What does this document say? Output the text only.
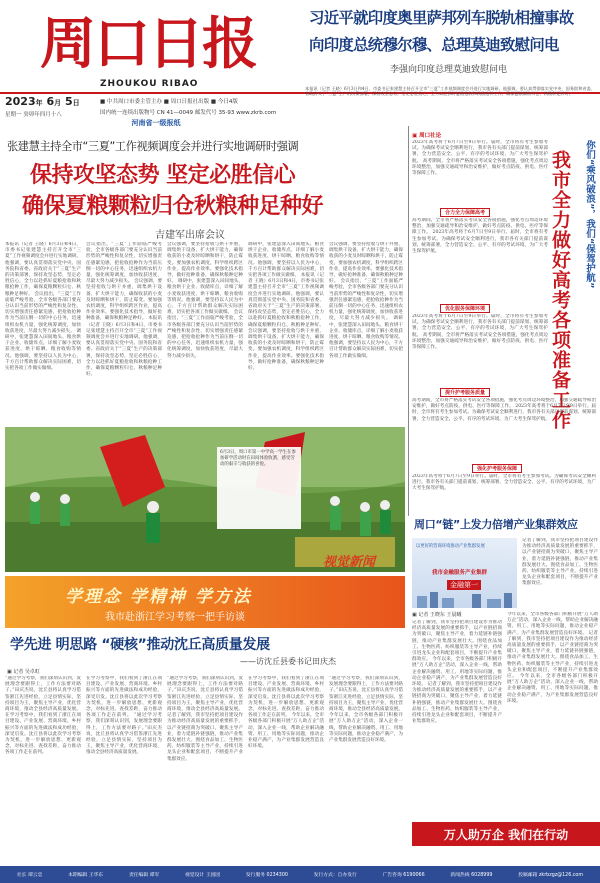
周口日报
ZHOUKOU RIBAO
习近平就印度奥里萨邦列车脱轨相撞事故
向印度总统穆尔穆、总理莫迪致慰问电
李强向印度总理莫迪致慰问电
2023年 6月 5日
星期一 癸卯年四月十八
■ 中共周口市委主管主办 ■ 周口日报社出版 ■ 今日4版
国内统一连续出版物号 CN 41—0049 邮发代号 35-93 www.zkrb.com
河南省一级报纸
本报讯（记者 王晓）6月3日和4日，市委书记张建慧主持召开全市“三夏”工作视频调度会并进行实地调研。他强调，要认真贯彻落实党中央、国务院和省委、省政府关于“三夏”生产的决策部署，保持攻坚态势，坚定必胜信心，全力以赴抓好夏粮抢收和秋粮抢种工作，确保夏粮颗粒归仓、秋粮种足种好。
张建慧主持全市“三夏”工作视频调度会并进行实地调研时强调
保持攻坚态势 坚定必胜信心
确保夏粮颗粒归仓秋粮种足种好
吉建军出席会议
本报讯（记者 王晓）6月3日和4日，市委书记张建慧主持召开全市“三夏”工作视频调度会并进行实地调研。他强调，要认真贯彻落实党中央、国务院和省委、省政府关于“三夏”生产的决策部署，保持攻坚态势，坚定必胜信心，全力以赴抓好夏粮抢收和秋粮抢种工作，确保夏粮颗粒归仓、秋粮种足种好。 会议指出，“三夏”工作面临严峻考验，全市各级各部门要充分认识当前形势的严峻性和复杂性，切实增强责任感紧迫感，把抢收抢种作为当前压倒一切的中心任务，迅速组织农机力量，强化统筹调度，加快收获进度，尽最大努力减少损失。 调研中，张建慧深入田间地头、粮食烘干企业、收储库点，详细了解小麦收获进度、烘干晾晒、粮食收购等情况。他强调，要坚持以人民为中心，千方百计帮助群众解决实际困难，切实把各项工作做实做细。
会议指出，“三夏”工作面临严峻考验，全市各级各部门要充分认识当前形势的严峻性和复杂性，切实增强责任感紧迫感，把抢收抢种作为当前压倒一切的中心任务，迅速组织农机力量，强化统筹调度，加快收获进度，尽最大努力减少损失。 会议强调，要坚持抢收与烘干并重，调集烘干设备，扩大烘干能力，确保收获的小麦及时晾晒和烘干，防止霉变。要加强农机调度，科学组织跨区作业，提高作业效率。要强化技术指导，做好抢种准备，确保秋粮种足种好。 本报讯（记者 王晓）6月3日和4日，市委书记张建慧主持召开全市“三夏”工作视频调度会并进行实地调研。他强调，要认真贯彻落实党中央、国务院和省委、省政府关于“三夏”生产的决策部署，保持攻坚态势，坚定必胜信心，全力以赴抓好夏粮抢收和秋粮抢种工作，确保夏粮颗粒归仓、秋粮种足种好。
会议强调，要坚持抢收与烘干并重，调集烘干设备，扩大烘干能力，确保收获的小麦及时晾晒和烘干，防止霉变。要加强农机调度，科学组织跨区作业，提高作业效率。要强化技术指导，做好抢种准备，确保秋粮种足种好。 调研中，张建慧深入田间地头、粮食烘干企业、收储库点，详细了解小麦收获进度、烘干晾晒、粮食收购等情况。他强调，要坚持以人民为中心，千方百计帮助群众解决实际困难，切实把各项工作做实做细。 会议指出，“三夏”工作面临严峻考验，全市各级各部门要充分认识当前形势的严峻性和复杂性，切实增强责任感紧迫感，把抢收抢种作为当前压倒一切的中心任务，迅速组织农机力量，强化统筹调度，加快收获进度，尽最大努力减少损失。
调研中，张建慧深入田间地头、粮食烘干企业、收储库点，详细了解小麦收获进度、烘干晾晒、粮食收购等情况。他强调，要坚持以人民为中心，千方百计帮助群众解决实际困难，切实把各项工作做实做细。 本报讯（记者 王晓）6月3日和4日，市委书记张建慧主持召开全市“三夏”工作视频调度会并进行实地调研。他强调，要认真贯彻落实党中央、国务院和省委、省政府关于“三夏”生产的决策部署，保持攻坚态势，坚定必胜信心，全力以赴抓好夏粮抢收和秋粮抢种工作，确保夏粮颗粒归仓、秋粮种足种好。 会议强调，要坚持抢收与烘干并重，调集烘干设备，扩大烘干能力，确保收获的小麦及时晾晒和烘干，防止霉变。要加强农机调度，科学组织跨区作业，提高作业效率。要强化技术指导，做好抢种准备，确保秋粮种足种好。
会议强调，要坚持抢收与烘干并重，调集烘干设备，扩大烘干能力，确保收获的小麦及时晾晒和烘干，防止霉变。要加强农机调度，科学组织跨区作业，提高作业效率。要强化技术指导，做好抢种准备，确保秋粮种足种好。 会议指出，“三夏”工作面临严峻考验，全市各级各部门要充分认识当前形势的严峻性和复杂性，切实增强责任感紧迫感，把抢收抢种作为当前压倒一切的中心任务，迅速组织农机力量，强化统筹调度，加快收获进度，尽最大努力减少损失。 调研中，张建慧深入田间地头、粮食烘干企业、收储库点，详细了解小麦收获进度、烘干晾晒、粮食收购等情况。他强调，要坚持以人民为中心，千方百计帮助群众解决实际困难，切实把各项工作做实做细。
6月3日，周口市第一中学高一学生在参加研学活动时在田间体验收割，感受劳动的艰辛与收获的喜悦。
视觉新闻
学理念 学精神 学方法
我市赴浙江学习考察一把手访谈
学先进 明思路 “硬核”推动沈丘高质量发展
——访沈丘县委书记田庆杰
▣ 记者 吴卓虹
“通过学习考察，我们深刻认识到，发展理念要跟得上，工作方法要对路子。”田庆杰说，沈丘县将认真学习借鉴浙江先进经验，立足县情实际，坚持项目为王，聚焦主导产业，优化营商环境，推动全县经济高质量发展。 在学习考察中，我们看到了浙江在项目建设、产业发展、营商环境、乡村振兴等方面的先进做法和成功经验，深受启发。沈丘县将以此次学习考察为契机，进一步解放思想、更新观念，对标先进、查找差距，奋力推动各项工作走在前列。
在学习考察中，我们看到了浙江在项目建设、产业发展、营商环境、乡村振兴等方面的先进做法和成功经验，深受启发。沈丘县将以此次学习考察为契机，进一步解放思想、更新观念，对标先进、查找差距，奋力推动各项工作走在前列。 “通过学习考察，我们深刻认识到，发展理念要跟得上，工作方法要对路子。”田庆杰说，沈丘县将认真学习借鉴浙江先进经验，立足县情实际，坚持项目为王，聚焦主导产业，优化营商环境，推动全县经济高质量发展。
“通过学习考察，我们深刻认识到，发展理念要跟得上，工作方法要对路子。”田庆杰说，沈丘县将认真学习借鉴浙江先进经验，立足县情实际，坚持项目为王，聚焦主导产业，优化营商环境，推动全县经济高质量发展。 记者了解到，我市坚持把项目建设作为推动经济高质量发展的重要抓手，以产业链招商为突破口，聚焦主导产业，着力延链补链强链，推动产业集群发展壮大。围绕食品加工、生物医药、纺织服装等主导产业，持续引进龙头企业和配套项目，不断提升产业集群效应。
在学习考察中，我们看到了浙江在项目建设、产业发展、营商环境、乡村振兴等方面的先进做法和成功经验，深受启发。沈丘县将以此次学习考察为契机，进一步解放思想、更新观念，对标先进、查找差距，奋力推动各项工作走在前列。 今年以来，全市各级各部门积极开展“万人助万企”活动，深入企业一线，帮助企业解决融资、用工、用地等实际问题，推动企业稳产满产，为产业集群发展营造良好环境。
“通过学习考察，我们深刻认识到，发展理念要跟得上，工作方法要对路子。”田庆杰说，沈丘县将认真学习借鉴浙江先进经验，立足县情实际，坚持项目为王，聚焦主导产业，优化营商环境，推动全县经济高质量发展。 今年以来，全市各级各部门积极开展“万人助万企”活动，深入企业一线，帮助企业解决融资、用工、用地等实际问题，推动企业稳产满产，为产业集群发展营造良好环境。
▣ 周口社论
2023年高考将于6月7日至9日举行。届时，全市将有考生参加考试。为确保考试安全顺利进行，我市各有关部门提前谋划、统筹部署，全力营造安全、公平、有序的考试环境，为广大考生保驾护航。 高考期间，全市将严格落实考试安全各项措施，强化考点周边环境整治，加强交通疏导和治安维护，做好考点防疫、供电、医疗等保障工作。	我市全力做好高考各项准备工作	你们“乘风破浪”，我们“保驾护航”
合力全力保障高考
高考期间，全市将严格落实考试安全各项措施，强化考点周边环境整治，加强交通疏导和治安维护，做好考点防疫、供电、医疗等保障工作。 2023年高考将于6月7日至9日举行。届时，全市将有考生参加考试。为确保考试安全顺利进行，我市各有关部门提前谋划、统筹部署，全力营造安全、公平、有序的考试环境，为广大考生保驾护航。
优化服务保障环境
2023年高考将于6月7日至9日举行。届时，全市将有考生参加考试。为确保考试安全顺利进行，我市各有关部门提前谋划、统筹部署，全力营造安全、公平、有序的考试环境，为广大考生保驾护航。 高考期间，全市将严格落实考试安全各项措施，强化考点周边环境整治，加强交通疏导和治安维护，做好考点防疫、供电、医疗等保障工作。
提升护考服务质量
高考期间，全市将严格落实考试安全各项措施，强化考点周边环境整治，加强交通疏导和治安维护，做好考点防疫、供电、医疗等保障工作。 2023年高考将于6月7日至9日举行。届时，全市将有考生参加考试。为确保考试安全顺利进行，我市各有关部门提前谋划、统筹部署，全力营造安全、公平、有序的考试环境，为广大考生保驾护航。
强化护考服务保障
2023年高考将于6月7日至9日举行。届时，全市将有考生参加考试。为确保考试安全顺利进行，我市各有关部门提前谋划、统筹部署，全力营造安全、公平、有序的考试环境，为广大考生保驾护航。
周口“链”上发力倍增产业集群效应
以更好的营商环境推动产业集群发展
我市金融服务产业集群
金融第一
记者了解到，我市坚持把项目建设作为推动经济高质量发展的重要抓手，以产业链招商为突破口，聚焦主导产业，着力延链补链强链，推动产业集群发展壮大。围绕食品加工、生物医药、纺织服装等主导产业，持续引进龙头企业和配套项目，不断提升产业集群效应。
▣ 记者 王晓东 王晨曦
记者了解到，我市坚持把项目建设作为推动经济高质量发展的重要抓手，以产业链招商为突破口，聚焦主导产业，着力延链补链强链，推动产业集群发展壮大。围绕食品加工、生物医药、纺织服装等主导产业，持续引进龙头企业和配套项目，不断提升产业集群效应。 今年以来，全市各级各部门积极开展“万人助万企”活动，深入企业一线，帮助企业解决融资、用工、用地等实际问题，推动企业稳产满产，为产业集群发展营造良好环境。 记者了解到，我市坚持把项目建设作为推动经济高质量发展的重要抓手，以产业链招商为突破口，聚焦主导产业，着力延链补链强链，推动产业集群发展壮大。围绕食品加工、生物医药、纺织服装等主导产业，持续引进龙头企业和配套项目，不断提升产业集群效应。
今年以来，全市各级各部门积极开展“万人助万企”活动，深入企业一线，帮助企业解决融资、用工、用地等实际问题，推动企业稳产满产，为产业集群发展营造良好环境。 记者了解到，我市坚持把项目建设作为推动经济高质量发展的重要抓手，以产业链招商为突破口，聚焦主导产业，着力延链补链强链，推动产业集群发展壮大。围绕食品加工、生物医药、纺织服装等主导产业，持续引进龙头企业和配套项目，不断提升产业集群效应。 今年以来，全市各级各部门积极开展“万人助万企”活动，深入企业一线，帮助企业解决融资、用工、用地等实际问题，推动企业稳产满产，为产业集群发展营造良好环境。
万人助万企 我们在行动
社长 谭云忠	本期编辑 王华东	责任编辑 谭军	视觉设计 王园园	发行服务 0234300	发行方式：自办发行	广告咨询 6190066	新闻热线 6028999	投稿邮箱 zkrbzgz@126.com
